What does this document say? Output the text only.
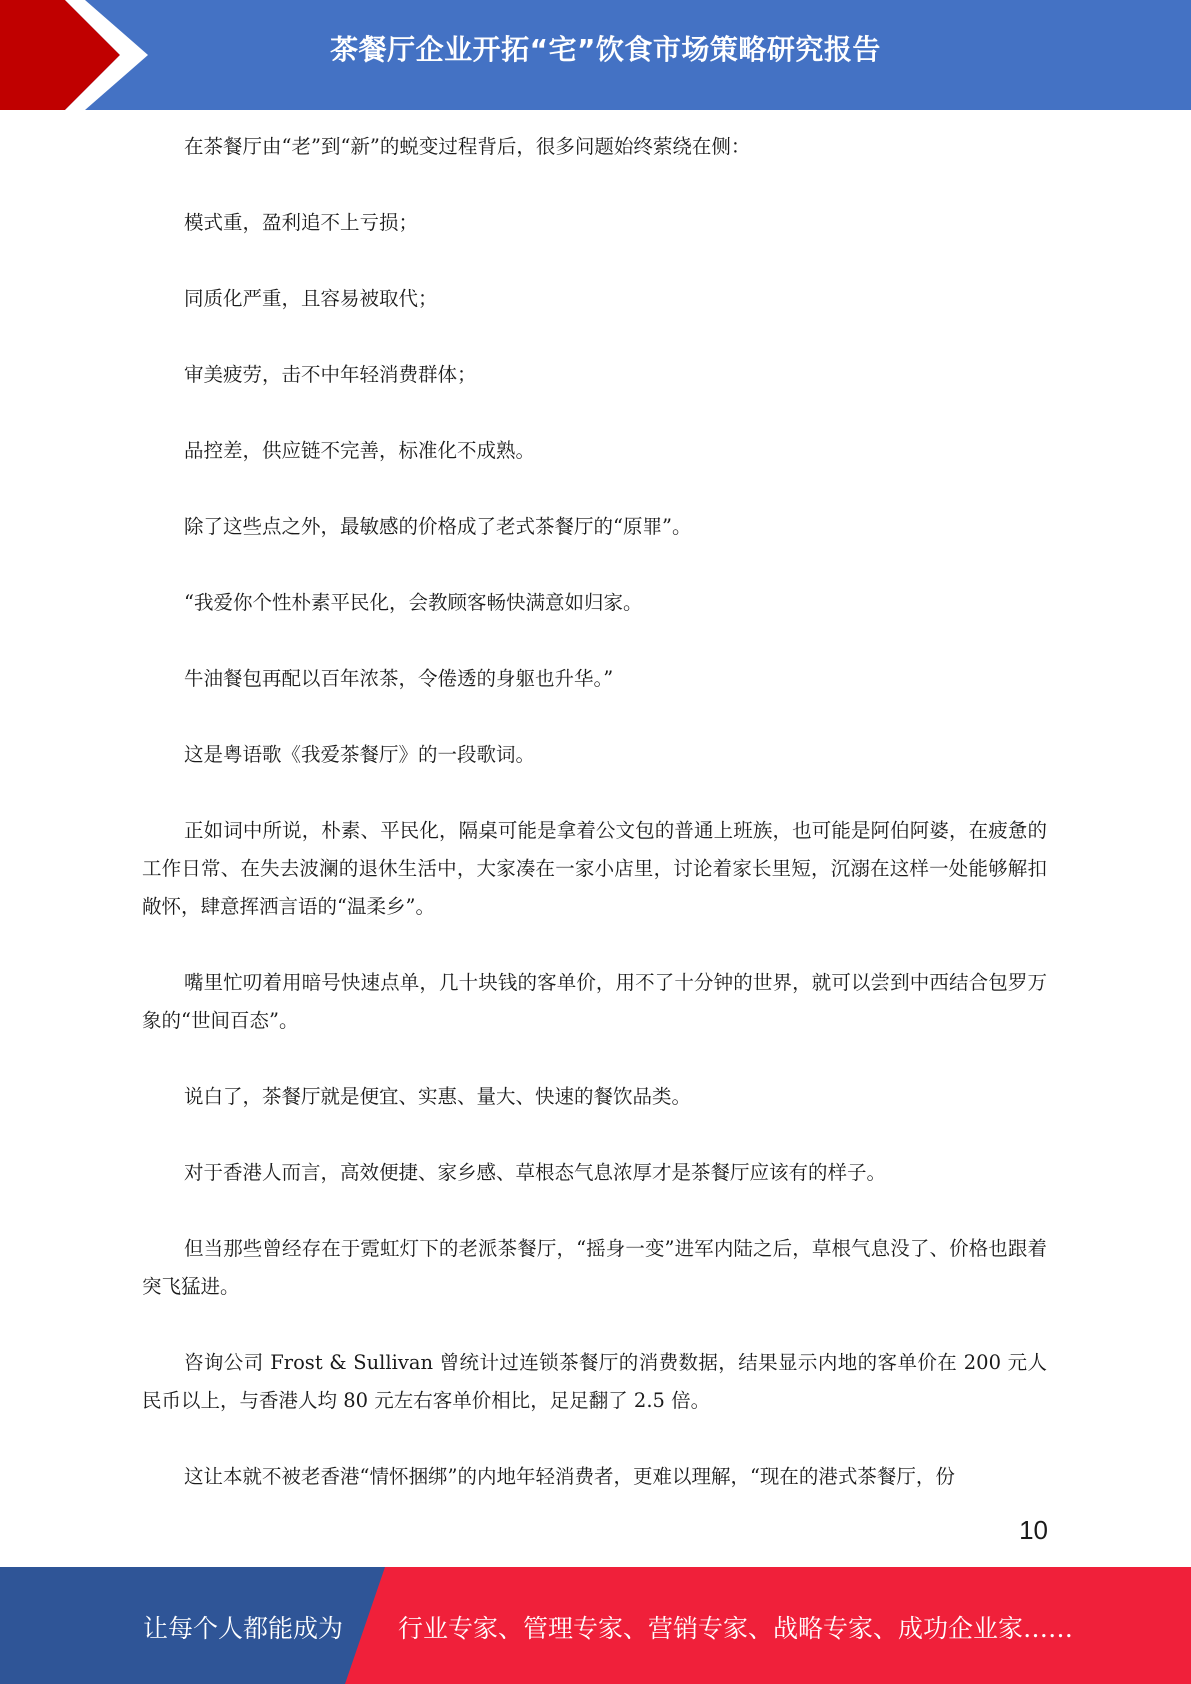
茶餐厅企业开拓“宅”饮食市场策略研究报告

在茶餐厅由“老”到“新”的蜕变过程背后，很多问题始终萦绕在侧：

模式重，盈利追不上亏损；

同质化严重，且容易被取代；

审美疲劳，击不中年轻消费群体；

品控差，供应链不完善，标准化不成熟。

除了这些点之外，最敏感的价格成了老式茶餐厅的“原罪”。

“我爱你个性朴素平民化，会教顾客畅快满意如归家。

牛油餐包再配以百年浓茶，令倦透的身躯也升华。”

这是粤语歌《我爱茶餐厅》的一段歌词。

正如词中所说，朴素、平民化，隔桌可能是拿着公文包的普通上班族，也可能是阿伯阿婆，在疲惫的工作日常、在失去波澜的退休生活中，大家凑在一家小店里，讨论着家长里短，沉溺在这样一处能够解扣敞怀，肆意挥洒言语的“温柔乡”。

嘴里忙叨着用暗号快速点单，几十块钱的客单价，用不了十分钟的世界，就可以尝到中西结合包罗万象的“世间百态”。

说白了，茶餐厅就是便宜、实惠、量大、快速的餐饮品类。

对于香港人而言，高效便捷、家乡感、草根态气息浓厚才是茶餐厅应该有的样子。

但当那些曾经存在于霓虹灯下的老派茶餐厅，“摇身一变”进军内陆之后，草根气息没了、价格也跟着突飞猛进。

咨询公司 Frost & Sullivan 曾统计过连锁茶餐厅的消费数据，结果显示内地的客单价在 200 元人民币以上，与香港人均 80 元左右客单价相比，足足翻了 2.5 倍。

这让本就不被老香港“情怀捆绑”的内地年轻消费者，更难以理解，“现在的港式茶餐厅，份

10
让每个人都能成为 行业专家、管理专家、营销专家、战略专家、成功企业家……
